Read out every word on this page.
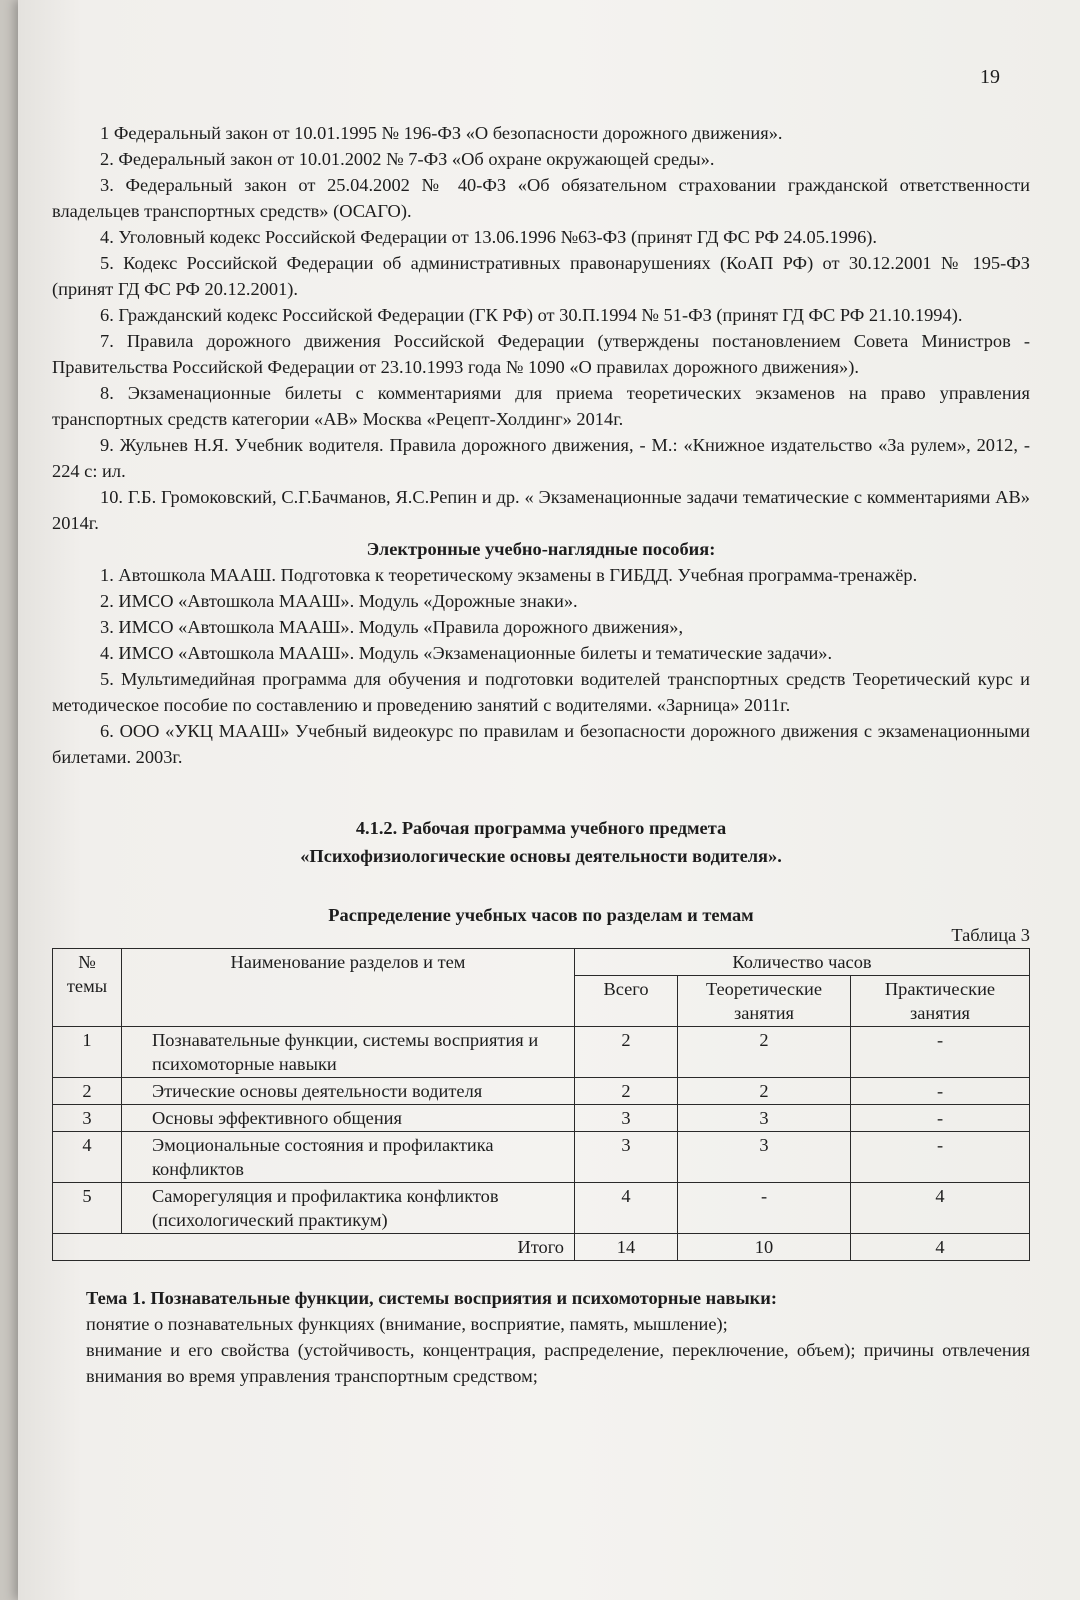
19
1 Федеральный закон от 10.01.1995 № 196-ФЗ «О безопасности дорожного движения».
2. Федеральный закон от 10.01.2002 № 7-ФЗ «Об охране окружающей среды».
3. Федеральный закон от 25.04.2002 № 40-ФЗ «Об обязательном страховании гражданской ответственности владельцев транспортных средств» (ОСАГО).
4. Уголовный кодекс Российской Федерации от 13.06.1996 №63-ФЗ (принят ГД ФС РФ 24.05.1996).
5. Кодекс Российской Федерации об административных правонарушениях (КоАП РФ) от 30.12.2001 № 195-ФЗ (принят ГД ФС РФ 20.12.2001).
6. Гражданский кодекс Российской Федерации (ГК РФ) от 30.П.1994 № 51-ФЗ (принят ГД ФС РФ 21.10.1994).
7. Правила дорожного движения Российской Федерации (утверждены постановлением Совета Министров - Правительства Российской Федерации от 23.10.1993 года № 1090 «О правилах дорожного движения»).
8. Экзаменационные билеты с комментариями для приема теоретических экзаменов на право управления транспортных средств категории «АВ» Москва «Рецепт-Холдинг» 2014г.
9. Жульнев Н.Я. Учебник водителя. Правила дорожного движения, - М.: «Книжное издательство «За рулем», 2012, - 224 с: ил.
10. Г.Б. Громоковский, С.Г.Бачманов, Я.С.Репин и др. « Экзаменационные задачи тематические с комментариями АВ» 2014г.
Электронные учебно-наглядные пособия:
1. Автошкола МААШ. Подготовка к теоретическому экзамены в ГИБДД. Учебная программа-тренажёр.
2. ИМСО «Автошкола МААШ». Модуль «Дорожные знаки».
3. ИМСО «Автошкола МААШ». Модуль «Правила дорожного движения»,
4. ИМСО «Автошкола МААШ». Модуль «Экзаменационные билеты и тематические задачи».
5. Мультимедийная программа для обучения и подготовки водителей транспортных средств Теоретический курс и методическое пособие по составлению и проведению занятий с водителями. «Зарница» 2011г.
6. ООО «УКЦ МААШ» Учебный видеокурс по правилам и безопасности дорожного движения с экзаменационными билетами. 2003г.
4.1.2. Рабочая программа учебного предмета
«Психофизиологические основы деятельности водителя».
Распределение учебных часов по разделам и темам
Таблица 3
№ темы	Наименование разделов и тем	Количество часов		
		Всего	Теоретические занятия	Практические занятия
1	Познавательные функции, системы восприятия и психомоторные навыки	2	2	-
2	Этические основы деятельности водителя	2	2	-
3	Основы эффективного общения	3	3	-
4	Эмоциональные состояния и профилактика конфликтов	3	3	-
5	Саморегуляция и профилактика конфликтов (психологический практикум)	4	-	4
Итого		14	10	4
Тема 1. Познавательные функции, системы восприятия и психомоторные навыки:
понятие о познавательных функциях (внимание, восприятие, память, мышление);
внимание и его свойства (устойчивость, концентрация, распределение, переключение, объем); причины отвлечения внимания во время управления транспортным средством;
